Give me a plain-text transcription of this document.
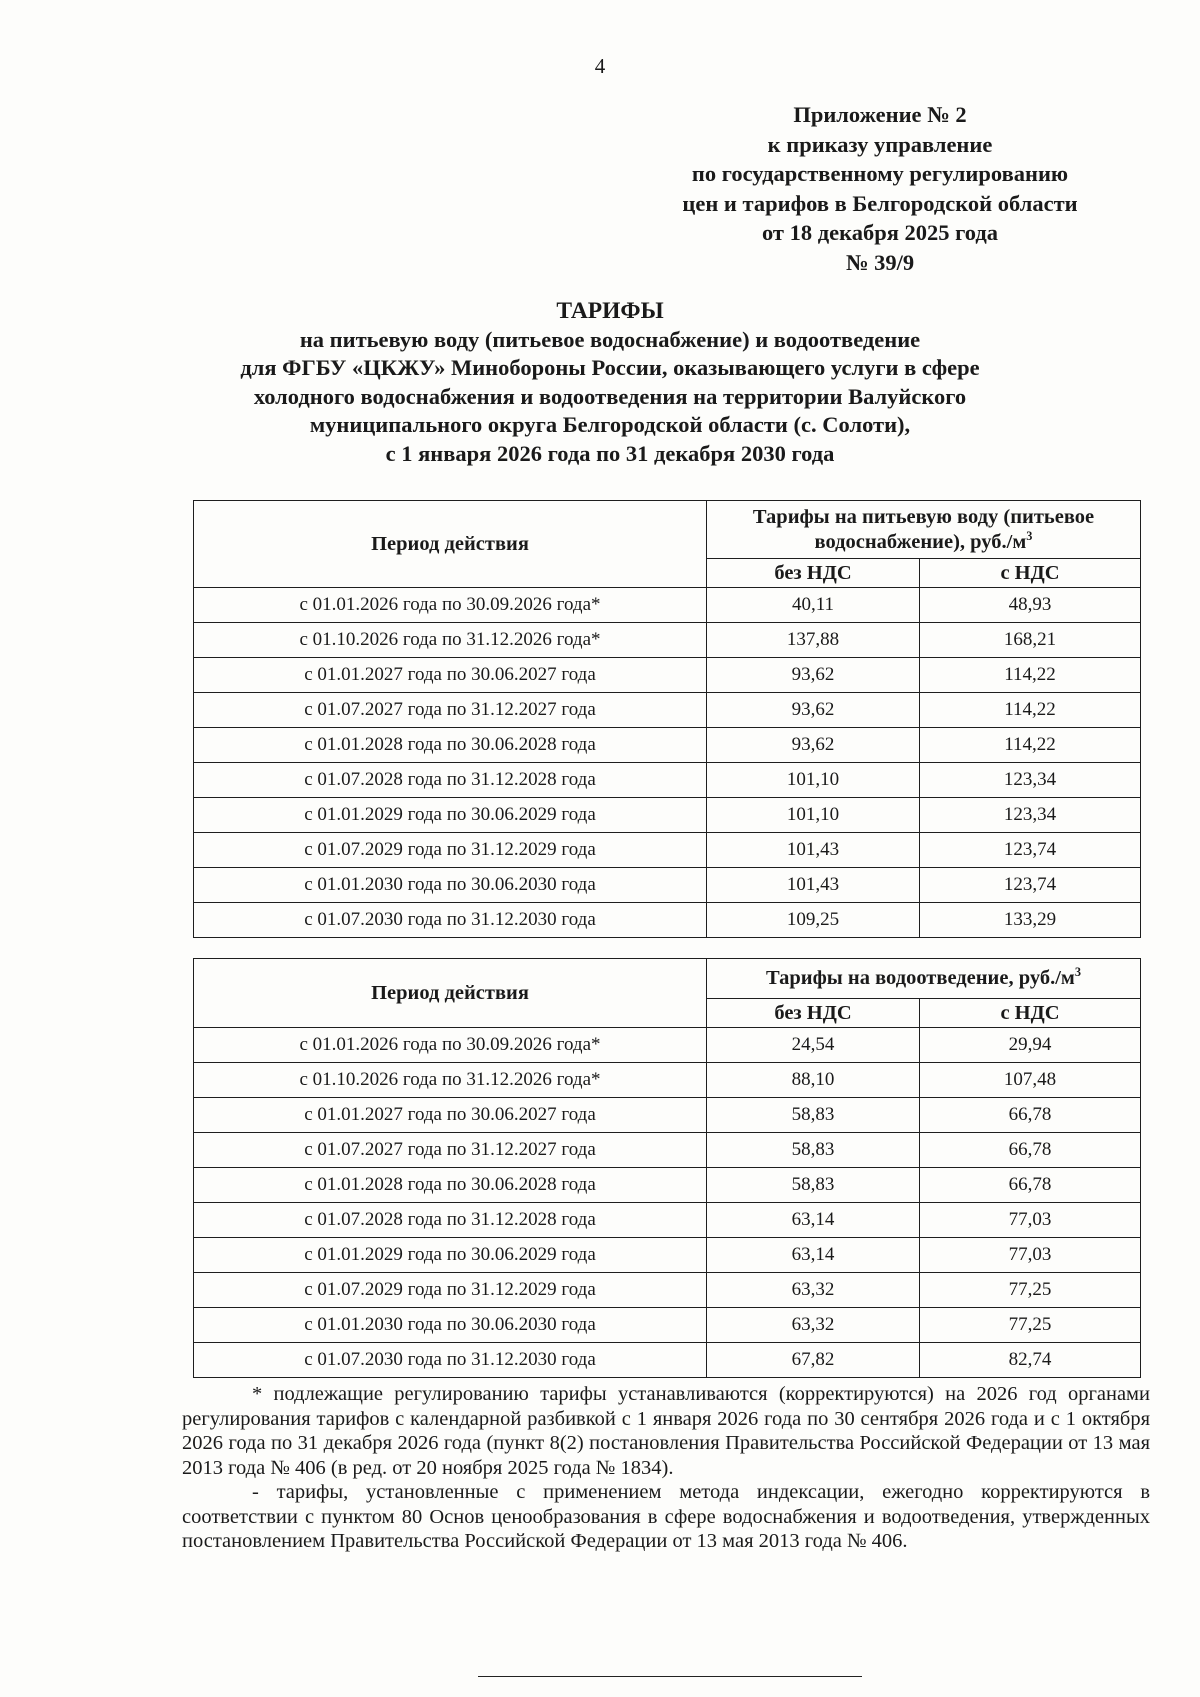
4
Приложение № 2
к приказу управление
по государственному регулированию
цен и тарифов в Белгородской области
от 18 декабря 2025 года
№ 39/9
ТАРИФЫ
на питьевую воду (питьевое водоснабжение) и водоотведение
для ФГБУ «ЦКЖУ» Минобороны России, оказывающего услуги в сфере
холодного водоснабжения и водоотведения на территории Валуйского
муниципального округа Белгородской области (с. Солоти),
с 1 января 2026 года по 31 декабря 2030 года
Период действия	Тарифы на питьевую воду (питьевое водоснабжение), $руб./м^3$
	без НДС	с НДС
с 01.01.2026 года по 30.09.2026 года*	40,11	48,93
с 01.10.2026 года по 31.12.2026 года*	137,88	168,21
с 01.01.2027 года по 30.06.2027 года	93,62	114,22
с 01.07.2027 года по 31.12.2027 года	93,62	114,22
с 01.01.2028 года по 30.06.2028 года	93,62	114,22
с 01.07.2028 года по 31.12.2028 года	101,10	123,34
с 01.01.2029 года по 30.06.2029 года	101,10	123,34
с 01.07.2029 года по 31.12.2029 года	101,43	123,74
с 01.01.2030 года по 30.06.2030 года	101,43	123,74
с 01.07.2030 года по 31.12.2030 года	109,25	133,29
Период действия	Тарифы на водоотведение, $руб./м^3$
	без НДС	с НДС
с 01.01.2026 года по 30.09.2026 года*	24,54	29,94
с 01.10.2026 года по 31.12.2026 года*	88,10	107,48
с 01.01.2027 года по 30.06.2027 года	58,83	66,78
с 01.07.2027 года по 31.12.2027 года	58,83	66,78
с 01.01.2028 года по 30.06.2028 года	58,83	66,78
с 01.07.2028 года по 31.12.2028 года	63,14	77,03
с 01.01.2029 года по 30.06.2029 года	63,14	77,03
с 01.07.2029 года по 31.12.2029 года	63,32	77,25
с 01.01.2030 года по 30.06.2030 года	63,32	77,25
с 01.07.2030 года по 31.12.2030 года	67,82	82,74

* подлежащие регулированию тарифы устанавливаются (корректируются) на 2026 год органами регулирования тарифов с календарной разбивкой с 1 января 2026 года по 30 сентября 2026 года и с 1 октября 2026 года по 31 декабря 2026 года (пункт 8(2) постановления Правительства Российской Федерации от 13 мая 2013 года № 406 (в ред. от 20 ноября 2025 года № 1834).

- тарифы, установленные с применением метода индексации, ежегодно корректируются в соответствии с пунктом 80 Основ ценообразования в сфере водоснабжения и водоотведения, утвержденных постановлением Правительства Российской Федерации от 13 мая 2013 года № 406.
